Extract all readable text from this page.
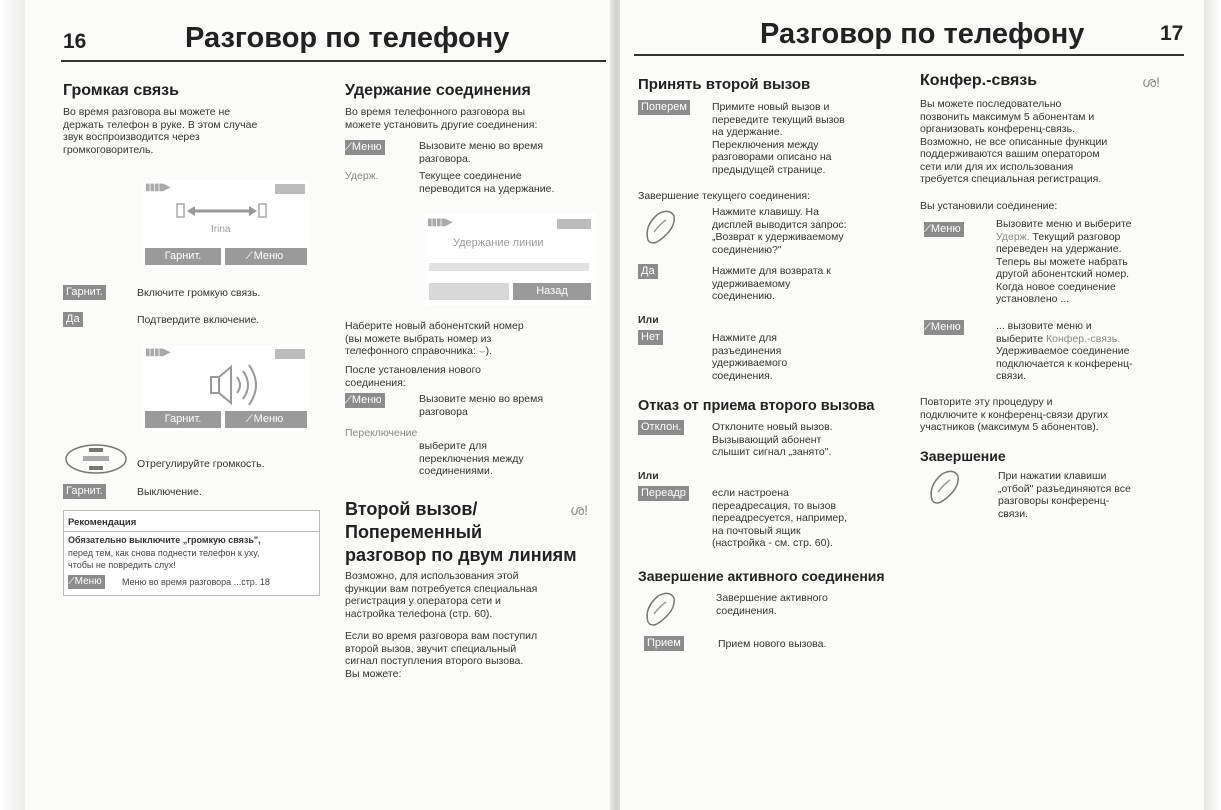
16	Разговор по телефону
Громкая связь
Во время разговора вы можете не
держать телефон в руке. В этом случае
звук воспроизводится через
громкоговоритель.
▮▮▮▮▶
Irina
Гарнит.	⁄ Меню
Гарнит.	Включите громкую связь.
Да	Подтвердите включение.
▮▮▮▮▶
Гарнит.	⁄ Меню
Отрегулируйте громкость.
Гарнит.	Выключение.
Рекомендация
Обязательно выключите „громкую связь",
перед тем, как снова поднести телефон к уху,
чтобы не повредить слух!
⁄ Меню	Меню во время разговора ...стр. 18
Удержание соединения
Во время телефонного разговора вы
можете установить другие соединения:
⁄ Меню	Вызовите меню во время
разговора.
Удерж.	Текущее соединение
переводится на удержание.
▮▮▮▮▶
Удержание линии
Назад
Наберите новый абонентский номер
(вы можете выбрать номер из
телефонного справочника: ⌣).
После установления нового
соединения:
⁄ Меню	Вызовите меню во время
разговора
Переключение
выберите для
переключения между
соединениями.
Второй вызов/
Попеременный
разговор по двум линиям
ശ!
Возможно, для использования этой
функции вам потребуется специальная
регистрация у оператора сети и
настройка телефона (стр. 60).
Если во время разговора вам поступил
второй вызов, звучит специальный
сигнал поступления второго вызова.
Вы можете:
Разговор по телефону	17
Принять второй вызов
Поперем Примите новый вызов и
переведите текущий вызов
на удержание.
Переключения между
разговорами описано на
предыдущей странице.
Завершение текущего соединения:
Нажмите клавишу. На
дисплей выводится запрос:
„Возврат к удерживаемому
соединению?"
Да	Нажмите для возврата к
удерживаемому
соединению.
Или
Нет	Нажмите для
разъединения
удерживаемого
соединения.
Отказ от приема второго вызова
Отклон.	Отклоните новый вызов.
Вызывающий абонент
слышит сигнал „занято".
Или
Переадр если настроена
переадресация, то вызов
переадресуется, например,
на почтовый ящик
(настройка - см. стр. 60).
Завершение активного соединения
Завершение активного
соединения.
Прием	Прием нового вызова.
Конфер.-связь	ശ!
Вы можете последовательно
позвонить максимум 5 абонентам и
организовать конференц-связь.
Возможно, не все описанные функции
поддерживаются вашим оператором
сети или для их использования
требуется специальная регистрация.
Вы установили соединение:
⁄ Меню	Вызовите меню и выберите
Удерж. Текущий разговор
переведен на удержание.
Теперь вы можете набрать
другой абонентский номер.
Когда новое соединение
установлено ...
⁄ Меню	... вызовите меню и
выберите Конфер.-связь.
Удерживаемое соединение
подключается к конференц-
связи.
Повторите эту процедуру и
подключите к конференц-связи других
участников (максимум 5 абонентов).
Завершение
При нажатии клавиши
„отбой" разъединяются все
разговоры конференц-
связи.
